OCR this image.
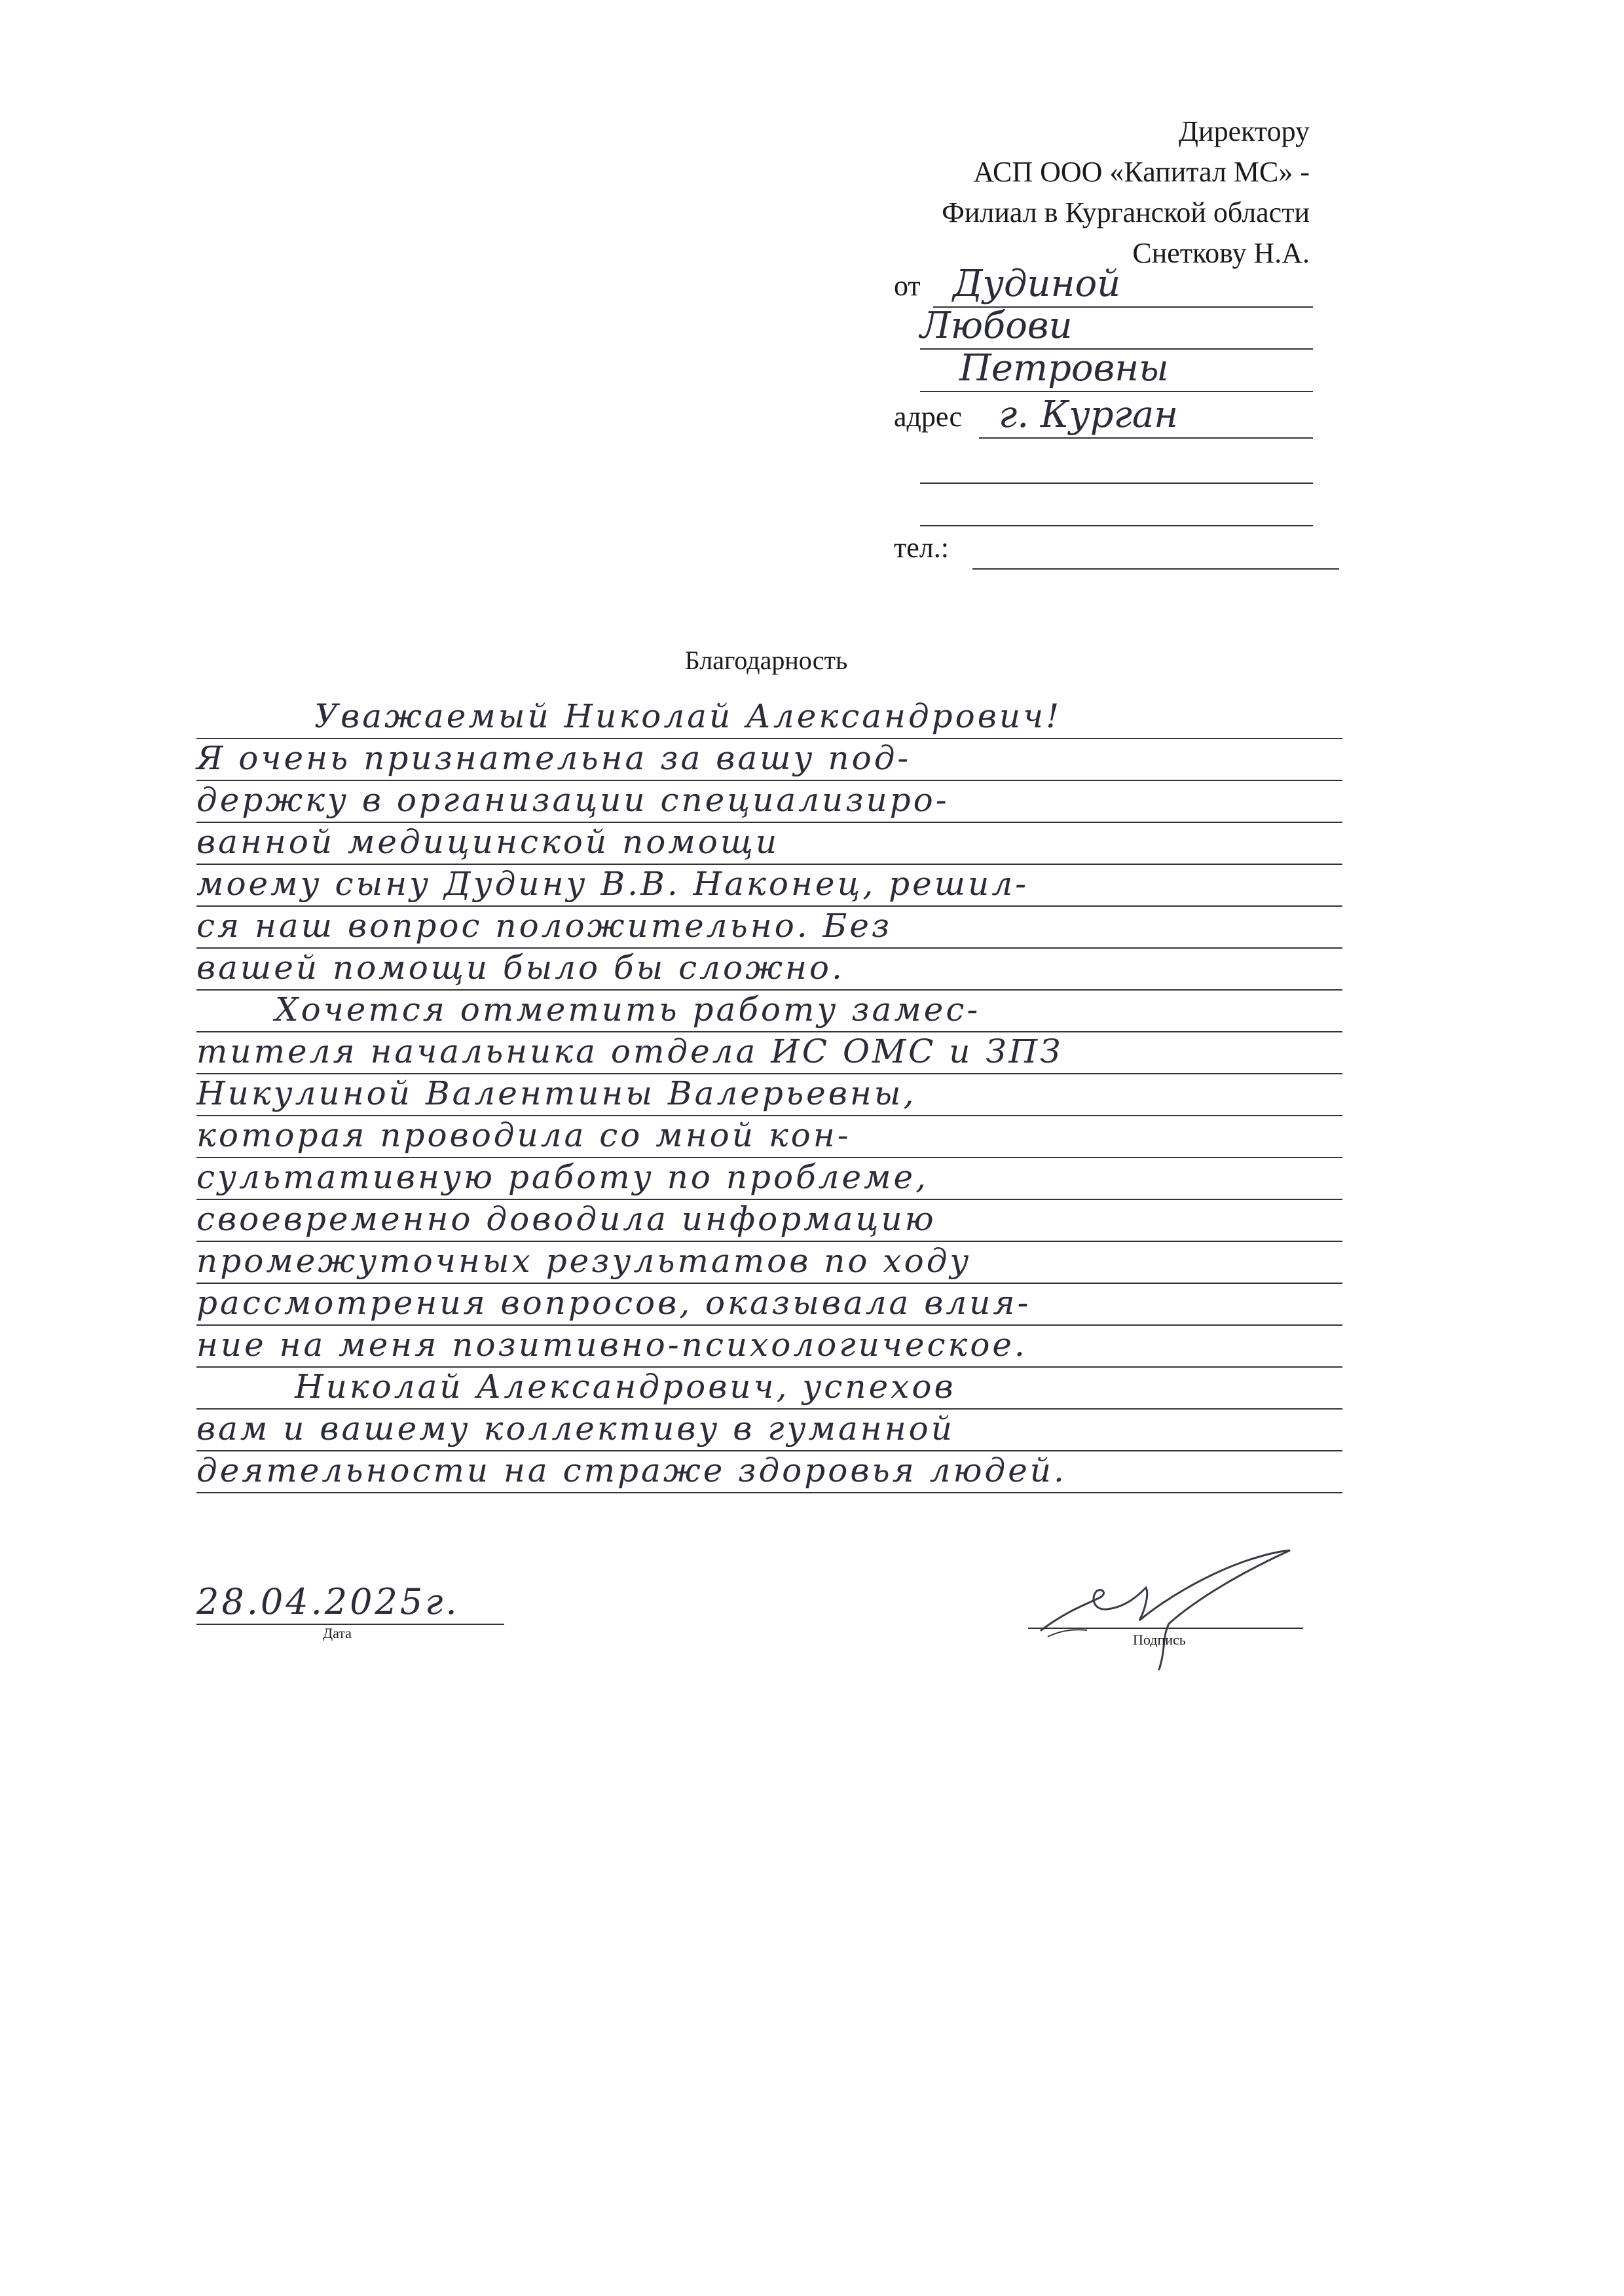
Директору
АСП ООО «Капитал МС» -
Филиал в Курганской области
Снеткову Н.А.
от Дудиной
Любови
Петровны
адрес г. Курган
тел.:
Благодарность
Уважаемый Николай Александрович!
Я очень признательна за вашу под-
держку в организации специализиро-
ванной медицинской помощи
моему сыну Дудину В.В. Наконец, решил-
ся наш вопрос положительно. Без
вашей помощи было бы сложно.
Хочется отметить работу замес-
тителя начальника отдела ИС ОМС и ЗПЗ
Никулиной Валентины Валерьевны,
которая проводила со мной кон-
сультативную работу по проблеме,
своевременно доводила информацию
промежуточных результатов по ходу
рассмотрения вопросов, оказывала влия-
ние на меня позитивно-психологическое.
Николай Александрович, успехов
вам и вашему коллективу в гуманной
деятельности на страже здоровья людей.
28.04.2025г.
Дата	Подпись
